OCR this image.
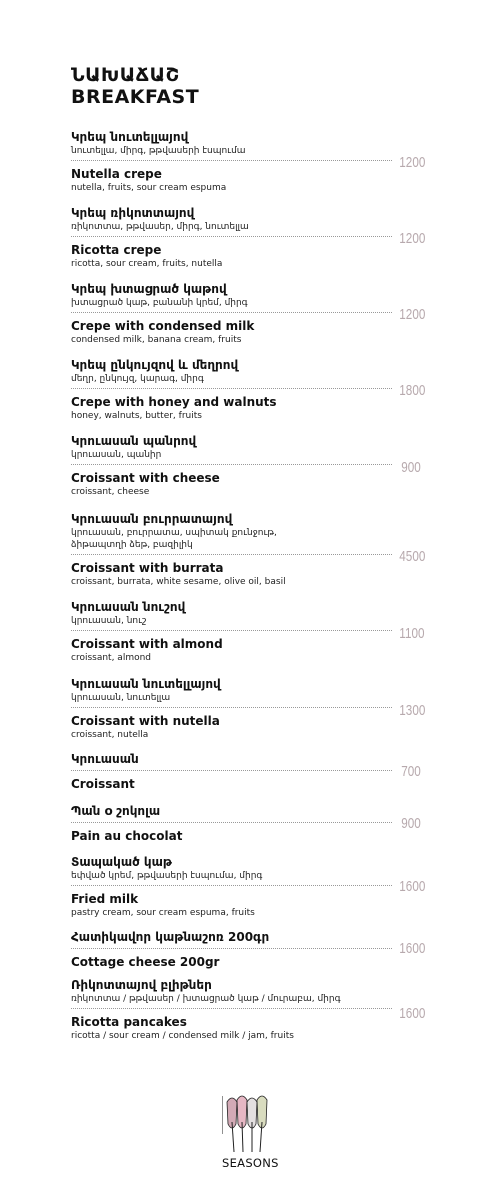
ՆԱԽԱՃԱՇ
BREAKFAST
Կրեպ նուտելլայով
նուտելլա, միրգ, թթվասերի էսպումա
Nutella crepe
nutella, fruits, sour cream espuma
1200
Կրեպ ռիկոտտայով
ռիկոտտա, թթվասեր, միրգ, նուտելլա
Ricotta crepe
ricotta, sour cream, fruits, nutella
1200
Կրեպ խտացրած կաթով
խտացրած կաթ, բանանի կրեմ, միրգ
Crepe with condensed milk
condensed milk, banana cream, fruits
1200
Կրեպ ընկույզով և մեղրով
մեղր, ընկույզ, կարագ, միրգ
Crepe with honey and walnuts
honey, walnuts, butter, fruits
1800
Կրուասան պանրով
կրուասան, պանիր
Croissant with cheese
croissant, cheese
900
Կրուասան բուրրատայով
կրուասան, բուրրատա, սպիտակ քունջութ,
ձիթապտղի ձեթ, բազիլիկ
Croissant with burrata
croissant, burrata, white sesame, olive oil, basil
4500
Կրուասան նուշով
կրուասան, նուշ
Croissant with almond
croissant, almond
1100
Կրուասան նուտելլայով
կրուասան, նուտելլա
Croissant with nutella
croissant, nutella
1300
Կրուասան
Croissant
700
Պան օ շոկոլա
Pain au chocolat
900
Տապակած կաթ
եփված կրեմ, թթվասերի էսպումա, միրգ
Fried milk
pastry cream, sour cream espuma, fruits
1600
Հատիկավոր կաթնաշոռ 200գր
Cottage cheese 200gr
1600
Ռիկոտտայով բլիթներ
ռիկոտտա / թթվասեր / խտացրած կաթ / մուրաբա, միրգ
Ricotta pancakes
ricotta / sour cream / condensed milk / jam, fruits
1600
SEASONS
